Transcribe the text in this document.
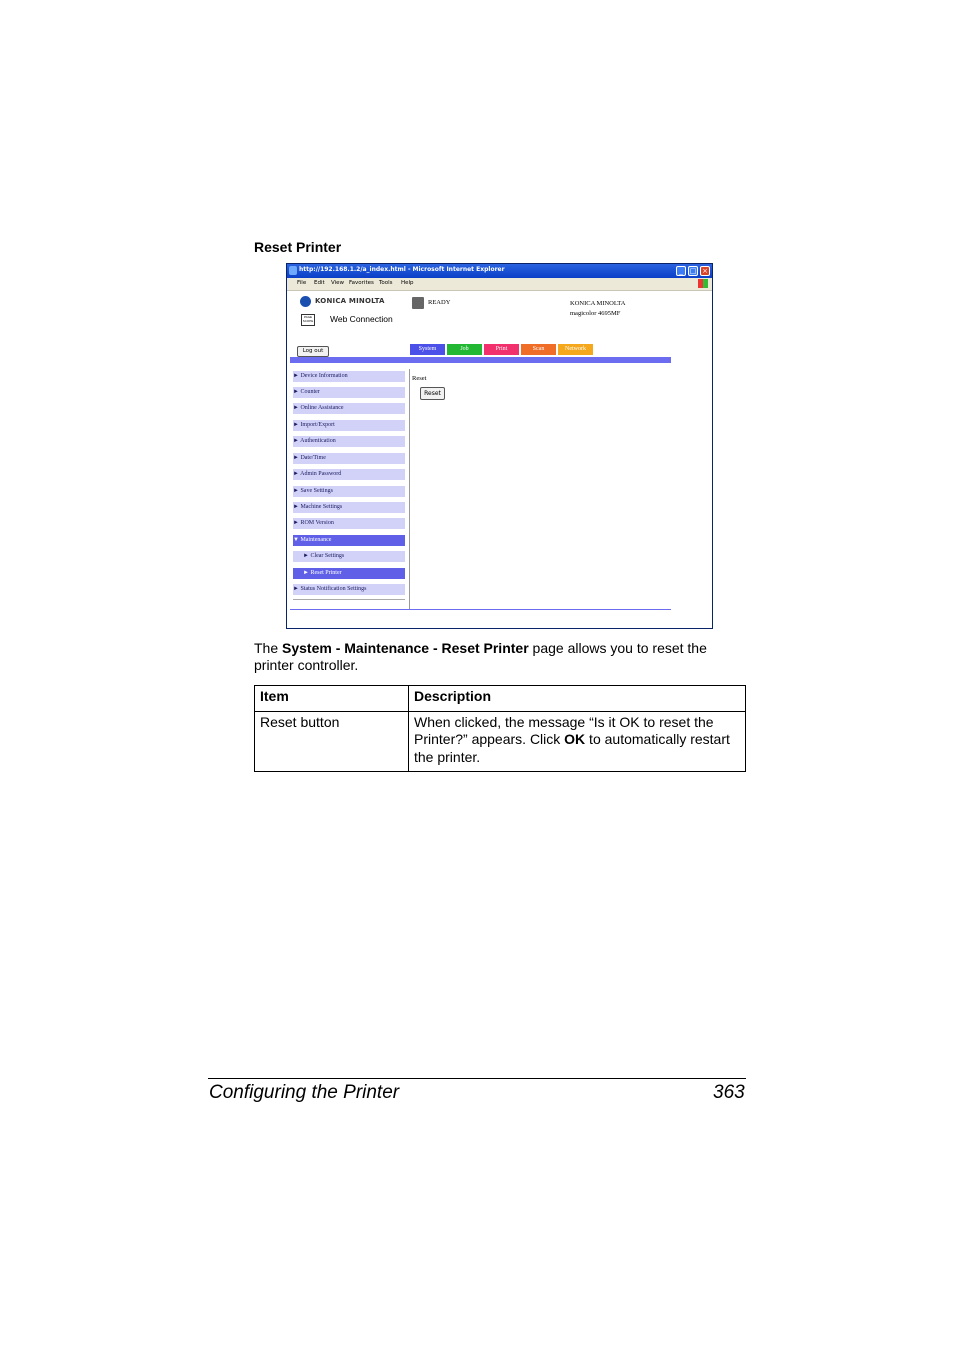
Reset Printer
http://192.168.1.2/a_index.html - Microsoft Internet Explorer	_ □ ×
File Edit View Favorites Tools Help
KONICA MINOLTA
PAGE SCOPE Web Connection
READY	KONICA MINOLTA
magicolor 4695MF
Log out	System	Job	Print	Scan	Network
► Device Information
► Counter
► Online Assistance
► Import/Export
► Authentication
► Date/Time
► Admin Password
► Save Settings
► Machine Settings
► ROM Version
▼ Maintenance
► Clear Settings
► Reset Printer
► Status Notification Settings
Reset
Reset
The System - Maintenance - Reset Printer page allows you to reset the printer controller.
Item	Description
Reset button	When clicked, the message “Is it OK to reset the Printer?” appears. Click OK to automatically restart the printer.
Configuring the Printer	363
